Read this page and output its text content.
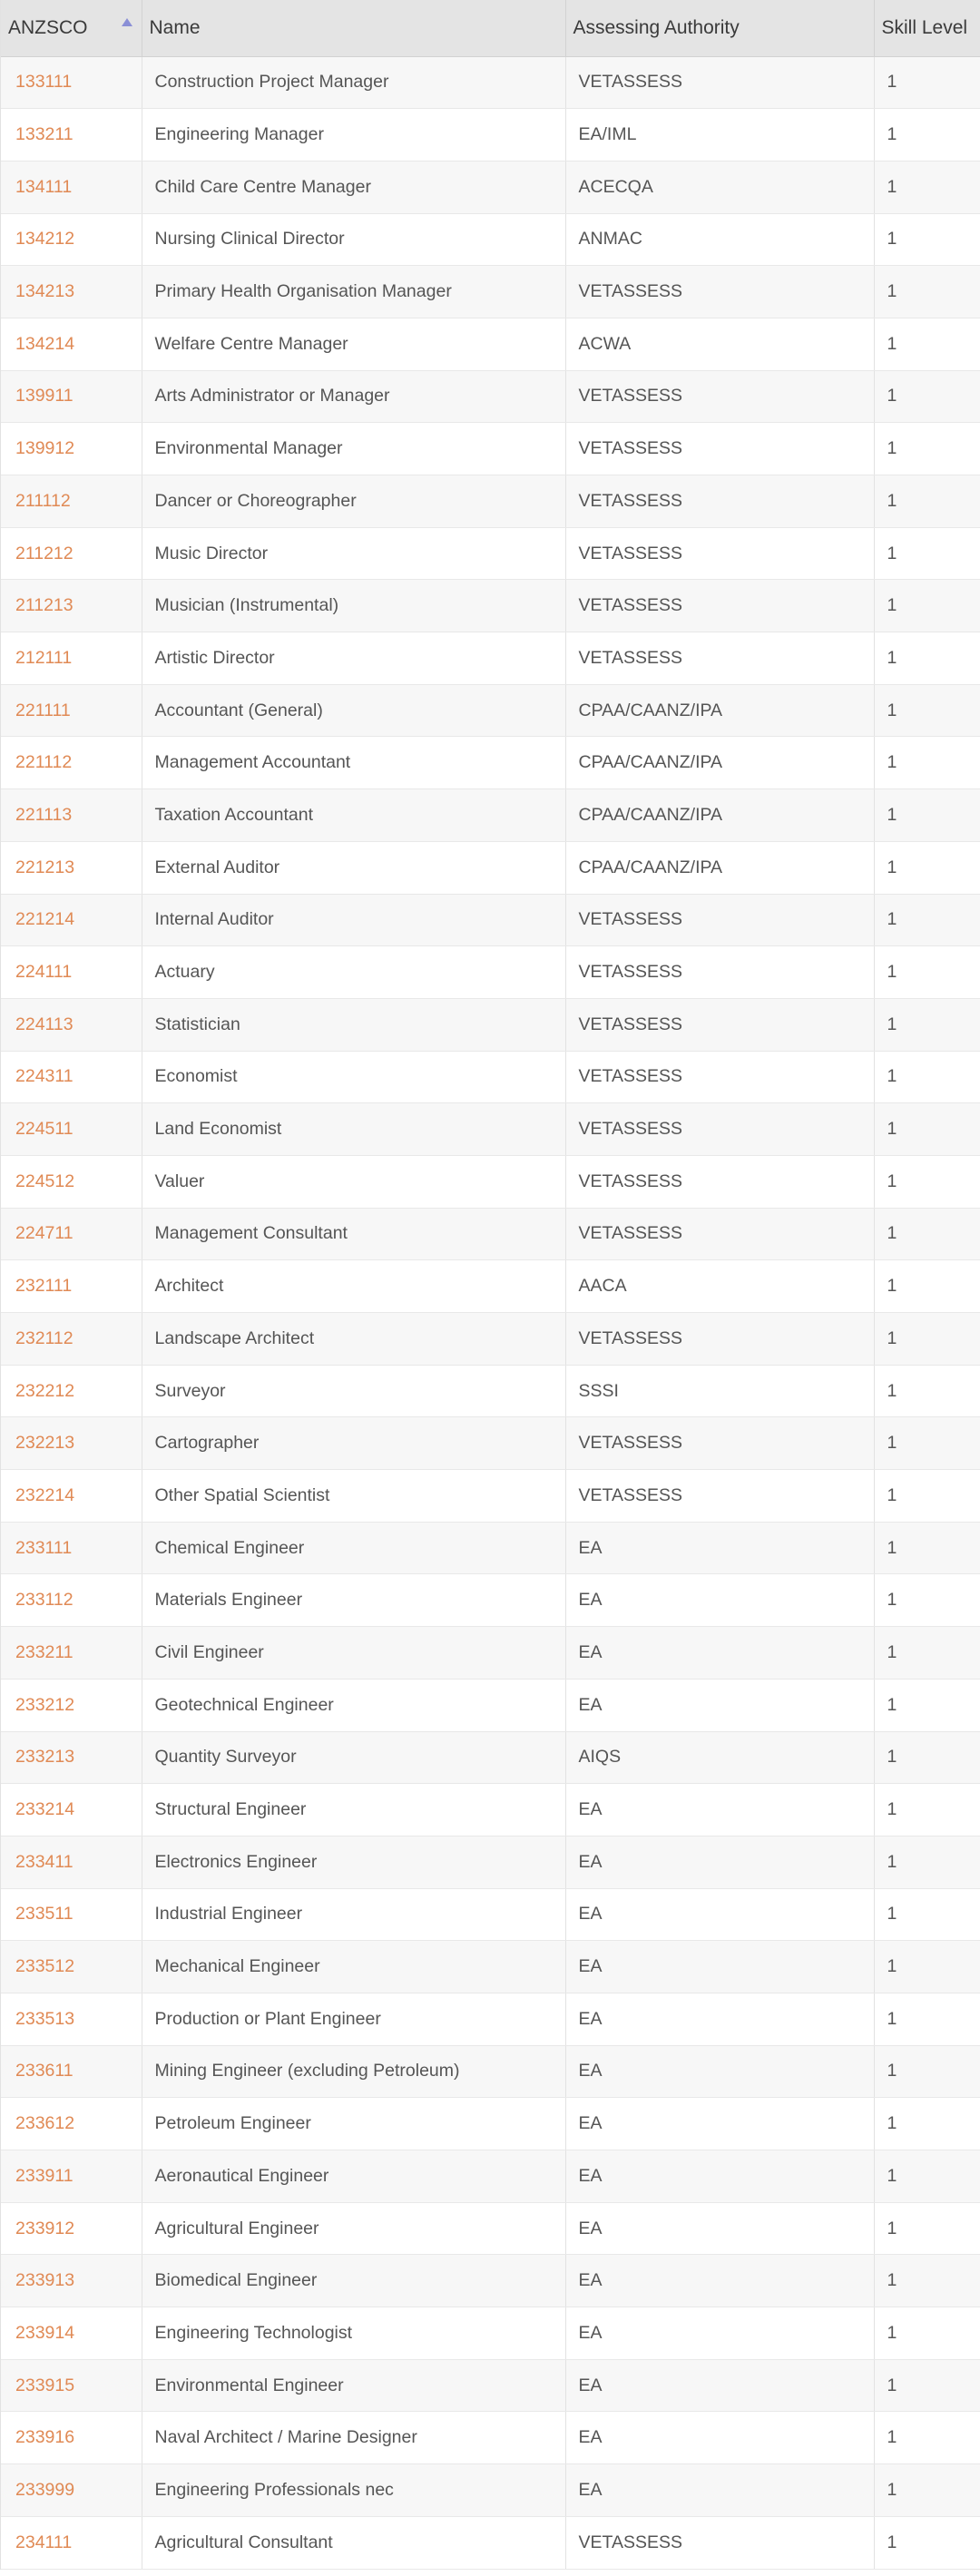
ANZSCO	Name	Assessing Authority	Skill Level
133111	Construction Project Manager	VETASSESS	1
133211	Engineering Manager	EA/IML	1
134111	Child Care Centre Manager	ACECQA	1
134212	Nursing Clinical Director	ANMAC	1
134213	Primary Health Organisation Manager	VETASSESS	1
134214	Welfare Centre Manager	ACWA	1
139911	Arts Administrator or Manager	VETASSESS	1
139912	Environmental Manager	VETASSESS	1
211112	Dancer or Choreographer	VETASSESS	1
211212	Music Director	VETASSESS	1
211213	Musician (Instrumental)	VETASSESS	1
212111	Artistic Director	VETASSESS	1
221111	Accountant (General)	CPAA/CAANZ/IPA	1
221112	Management Accountant	CPAA/CAANZ/IPA	1
221113	Taxation Accountant	CPAA/CAANZ/IPA	1
221213	External Auditor	CPAA/CAANZ/IPA	1
221214	Internal Auditor	VETASSESS	1
224111	Actuary	VETASSESS	1
224113	Statistician	VETASSESS	1
224311	Economist	VETASSESS	1
224511	Land Economist	VETASSESS	1
224512	Valuer	VETASSESS	1
224711	Management Consultant	VETASSESS	1
232111	Architect	AACA	1
232112	Landscape Architect	VETASSESS	1
232212	Surveyor	SSSI	1
232213	Cartographer	VETASSESS	1
232214	Other Spatial Scientist	VETASSESS	1
233111	Chemical Engineer	EA	1
233112	Materials Engineer	EA	1
233211	Civil Engineer	EA	1
233212	Geotechnical Engineer	EA	1
233213	Quantity Surveyor	AIQS	1
233214	Structural Engineer	EA	1
233411	Electronics Engineer	EA	1
233511	Industrial Engineer	EA	1
233512	Mechanical Engineer	EA	1
233513	Production or Plant Engineer	EA	1
233611	Mining Engineer (excluding Petroleum)	EA	1
233612	Petroleum Engineer	EA	1
233911	Aeronautical Engineer	EA	1
233912	Agricultural Engineer	EA	1
233913	Biomedical Engineer	EA	1
233914	Engineering Technologist	EA	1
233915	Environmental Engineer	EA	1
233916	Naval Architect / Marine Designer	EA	1
233999	Engineering Professionals nec	EA	1
234111	Agricultural Consultant	VETASSESS	1
